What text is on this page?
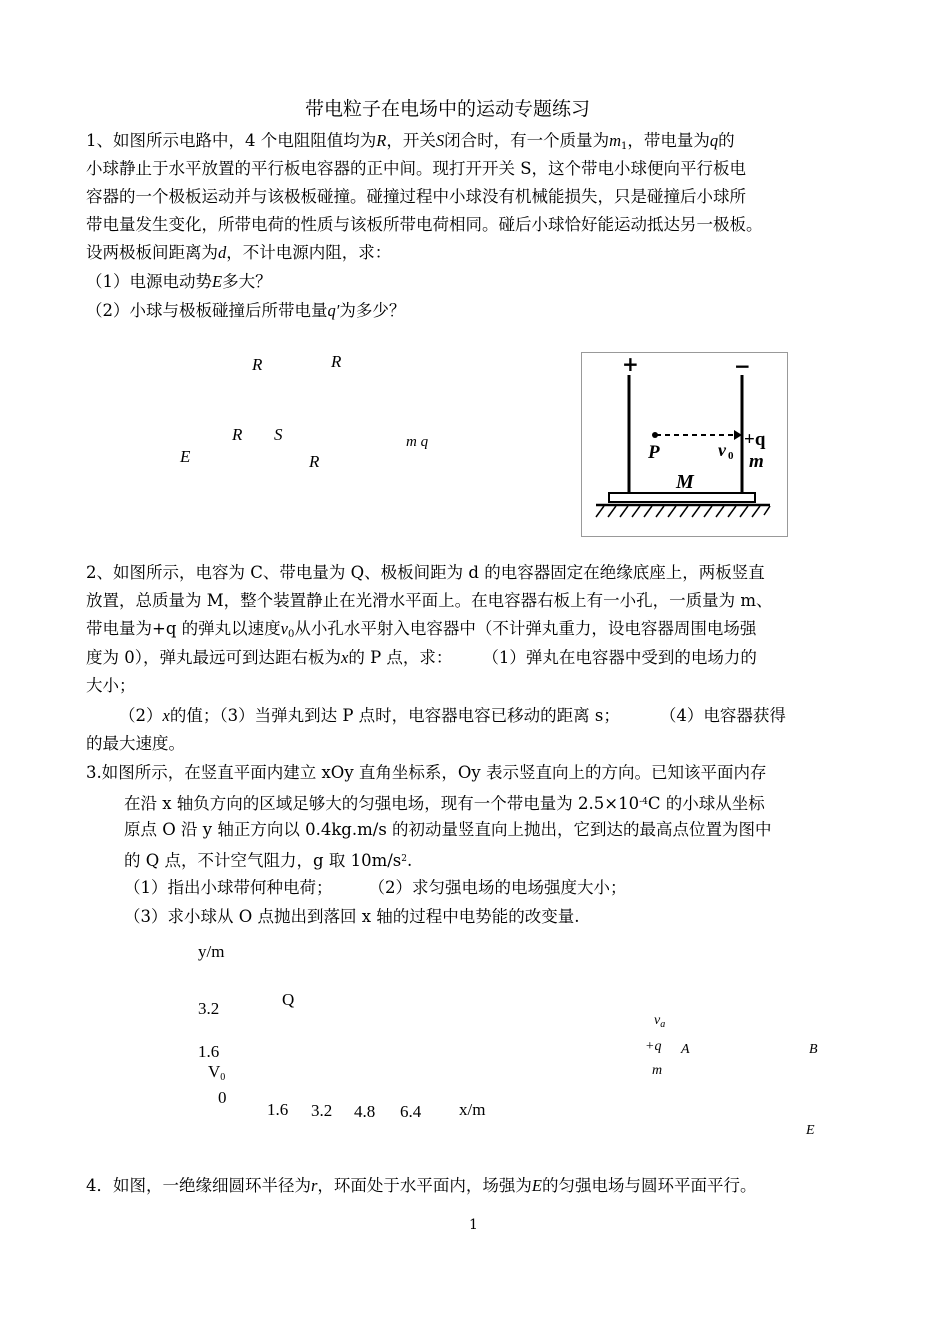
带电粒子在电场中的运动专题练习
1、如图所示电路中，4 个电阻阻值均为R，开关S闭合时，有一个质量为$m_1$，带电量为q的
小球静止于水平放置的平行板电容器的正中间。现打开开关 S，这个带电小球便向平行板电
容器的一个极板运动并与该极板碰撞。碰撞过程中小球没有机械能损失，只是碰撞后小球所
带电量发生变化，所带电荷的性质与该板所带电荷相同。碰后小球恰好能运动抵达另一极板。
设两极板间距离为d，不计电源内阻，求：
（1）电源电动势E多大？
（2）小球与极板碰撞后所带电量q′为多少？
R	R
R S
E	R
m q
+	−
P	v 0
+q
m
M
2、如图所示，电容为 C、带电量为 Q、极板间距为 d 的电容器固定在绝缘底座上，两板竖直
放置，总质量为 M，整个装置静止在光滑水平面上。在电容器右板上有一小孔，一质量为 m、
带电量为+q 的弹丸以速度$v_0$从小孔水平射入电容器中（不计弹丸重力，设电容器周围电场强
度为 0），弹丸最远可到达距右板为x的 P 点，求： （1）弹丸在电容器中受到的电场力的
大小；
（2）x的值；（3）当弹丸到达 P 点时，电容器电容已移动的距离 s； （4）电容器获得
的最大速度。
3.如图所示，在竖直平面内建立 xOy 直角坐标系，Oy 表示竖直向上的方向。已知该平面内存
在沿 x 轴负方向的区域足够大的匀强电场，现有一个带电量为 $2.5\times 10^{-4}C$ 的小球从坐标
原点 O 沿 y 轴正方向以 0.4kg.m/s 的初动量竖直向上抛出，它到达的最高点位置为图中
的 Q 点，不计空气阻力，g 取 $10m/s^2$.
（1）指出小球带何种电荷； （2）求匀强电场的电场强度大小；
（3）求小球从 O 点抛出到落回 x 轴的过程中电势能的改变量.
y/m
3.2	Q
1.6
$V_0$
0
1.6 3.2 4.8 6.4 x/m
$v_a$
+q A	B
m
E
4．如图，一绝缘细圆环半径为r，环面处于水平面内，场强为E的匀强电场与圆环平面平行。
1
